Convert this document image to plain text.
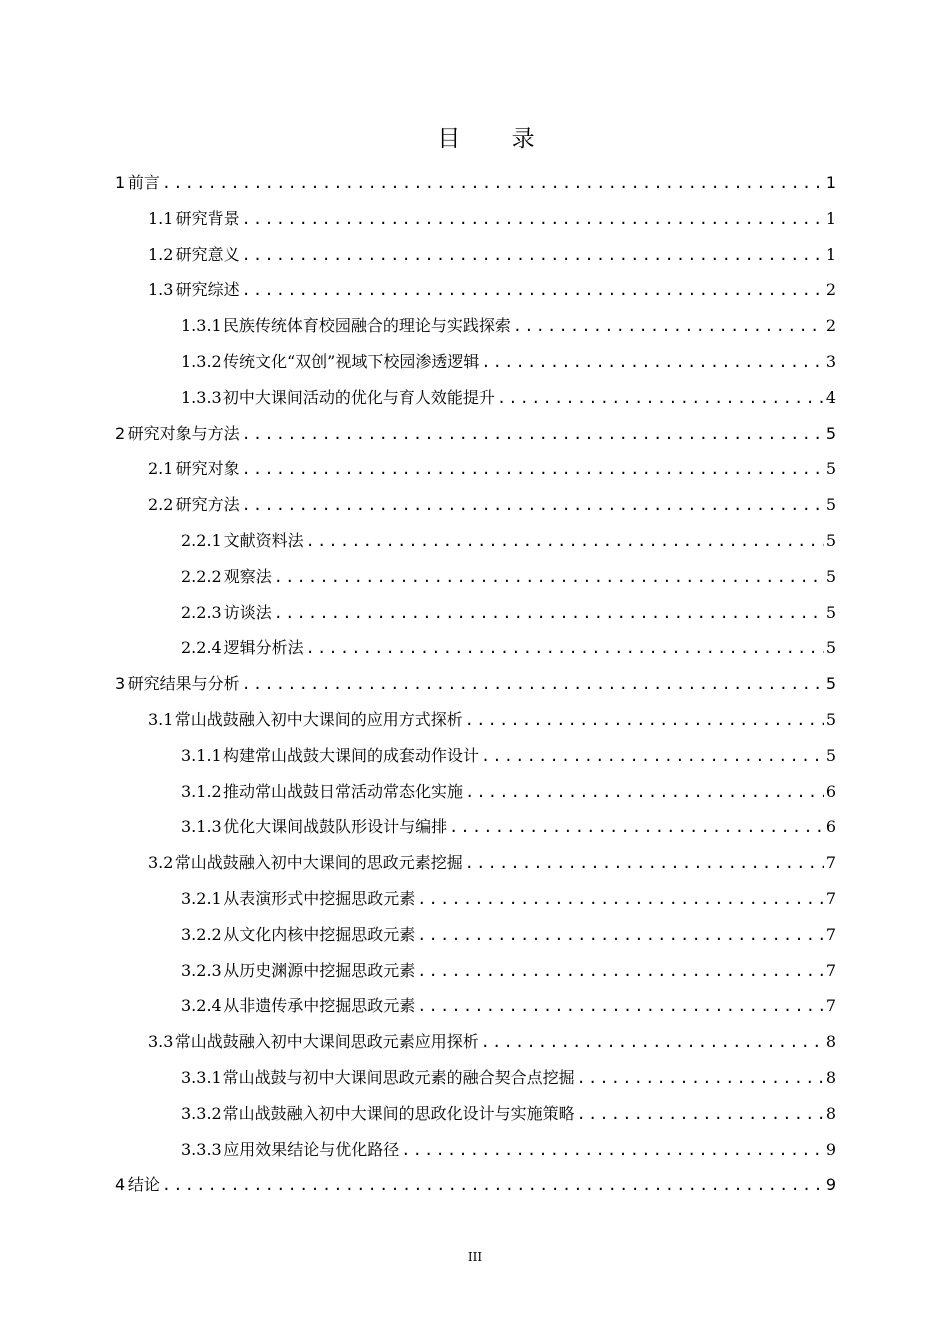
目 录
1 前言 .....	1
1.1 研究背景 .....	1
1.2 研究意义 .....	1
1.3 研究综述 .....	2
1.3.1 民族传统体育校园融合的理论与实践探索 .....	2
1.3.2 传统文化“双创”视域下校园渗透逻辑 .....	3
1.3.3 初中大课间活动的优化与育人效能提升 .....	4
2 研究对象与方法 .....	5
2.1 研究对象 .....	5
2.2 研究方法 .....	5
2.2.1 文献资料法 .....	5
2.2.2 观察法 .....	5
2.2.3 访谈法 .....	5
2.2.4 逻辑分析法 .....	5
3 研究结果与分析 .....	5
3.1 常山战鼓融入初中大课间的应用方式探析 .....	5
3.1.1 构建常山战鼓大课间的成套动作设计 .....	5
3.1.2 推动常山战鼓日常活动常态化实施 .....	6
3.1.3 优化大课间战鼓队形设计与编排 .....	6
3.2 常山战鼓融入初中大课间的思政元素挖掘 .....	7
3.2.1 从表演形式中挖掘思政元素 .....	7
3.2.2 从文化内核中挖掘思政元素 .....	7
3.2.3 从历史渊源中挖掘思政元素 .....	7
3.2.4 从非遗传承中挖掘思政元素 .....	7
3.3 常山战鼓融入初中大课间思政元素应用探析 .....	8
3.3.1 常山战鼓与初中大课间思政元素的融合契合点挖掘 .....	8
3.3.2 常山战鼓融入初中大课间的思政化设计与实施策略 .....	8
3.3.3 应用效果结论与优化路径 .....	9
4 结论 .....	9
III
